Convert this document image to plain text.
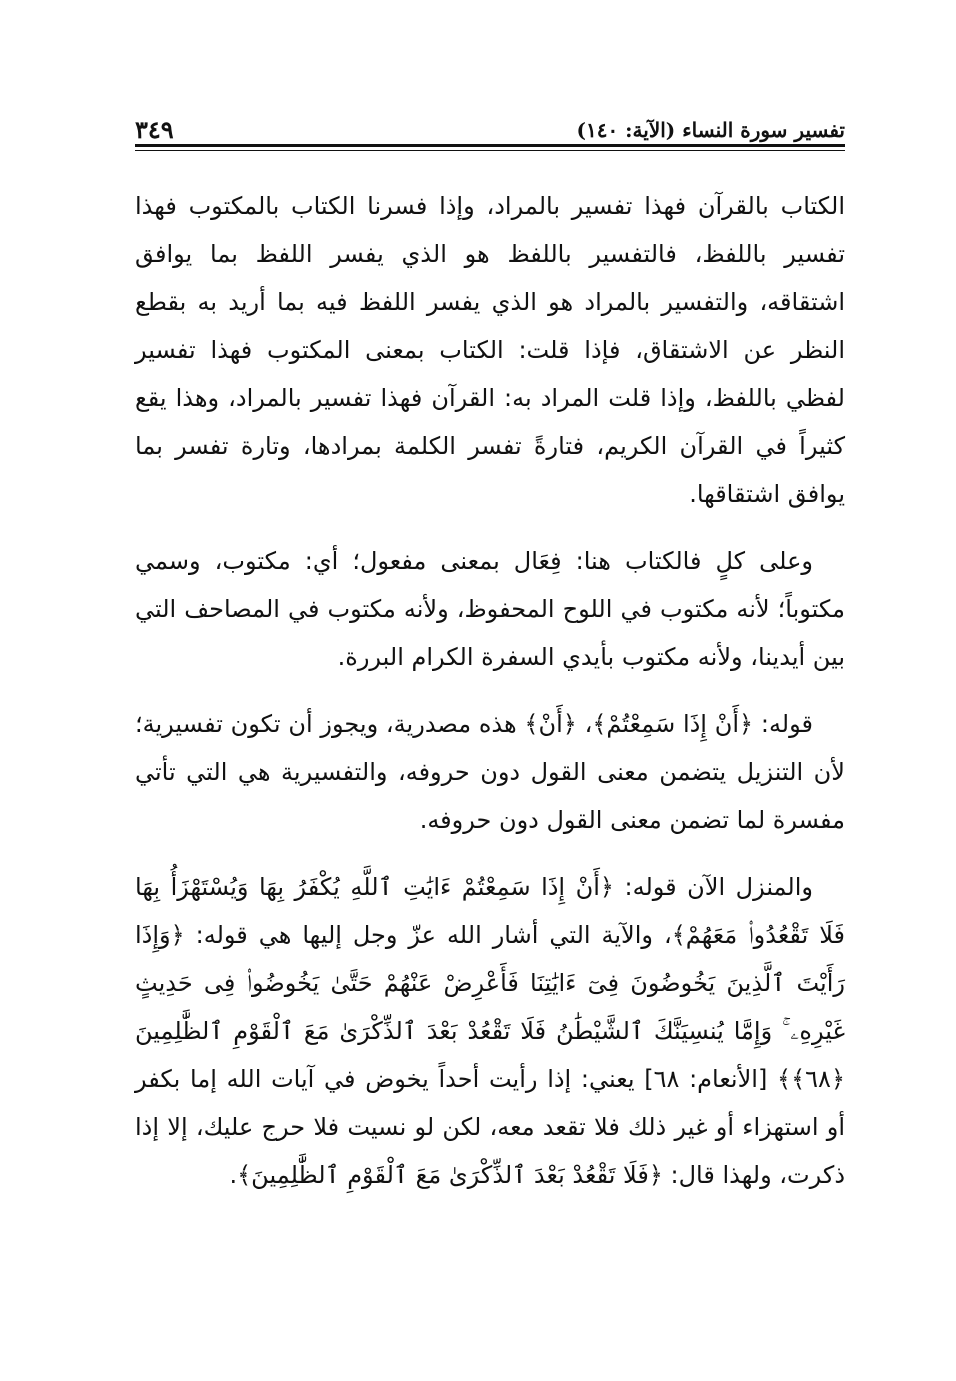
تفسير سورة النساء (الآية: ١٤٠)
٣٤٩

الكتاب بالقرآن فهذا تفسير بالمراد، وإذا فسرنا الكتاب بالمكتوب فهذا تفسير باللفظ، فالتفسير باللفظ هو الذي يفسر اللفظ بما يوافق اشتقاقه، والتفسير بالمراد هو الذي يفسر اللفظ فيه بما أريد به بقطع النظر عن الاشتقاق، فإذا قلت: الكتاب بمعنى المكتوب فهذا تفسير لفظي باللفظ، وإذا قلت المراد به: القرآن فهذا تفسير بالمراد، وهذا يقع كثيراً في القرآن الكريم، فتارةً تفسر الكلمة بمرادها، وتارة تفسر بما يوافق اشتقاقها.

وعلى كلٍ فالكتاب هنا: فِعَال بمعنى مفعول؛ أي: مكتوب، وسمي مكتوباً؛ لأنه مكتوب في اللوح المحفوظ، ولأنه مكتوب في المصاحف التي بين أيدينا، ولأنه مكتوب بأيدي السفرة الكرام البررة.

قوله: ﴿أَنْ إِذَا سَمِعْتُمْ﴾، ﴿أَنْ﴾ هذه مصدرية، ويجوز أن تكون تفسيرية؛ لأن التنزيل يتضمن معنى القول دون حروفه، والتفسيرية هي التي تأتي مفسرة لما تضمن معنى القول دون حروفه.

والمنزل الآن قوله: ﴿أَنْ إِذَا سَمِعْتُمْ ءَايَٰتِ ٱللَّهِ يُكْفَرُ بِهَا وَيُسْتَهْزَأُ بِهَا فَلَا تَقْعُدُوا۟ مَعَهُمْ﴾، والآية التي أشار الله عزّ وجل إليها هي قوله: ﴿وَإِذَا رَأَيْتَ ٱلَّذِينَ يَخُوضُونَ فِىٓ ءَايَٰتِنَا فَأَعْرِضْ عَنْهُمْ حَتَّىٰ يَخُوضُوا۟ فِى حَدِيثٍ غَيْرِهِۦ ۚ وَإِمَّا يُنسِيَنَّكَ ٱلشَّيْطَٰنُ فَلَا تَقْعُدْ بَعْدَ ٱلذِّكْرَىٰ مَعَ ٱلْقَوْمِ ٱلظَّٰلِمِينَ ﴿٦٨﴾﴾ [الأنعام: ٦٨] يعني: إذا رأيت أحداً يخوض في آيات الله إما بكفر أو استهزاء أو غير ذلك فلا تقعد معه، لكن لو نسيت فلا حرج عليك، إلا إذا ذكرت، ولهذا قال: ﴿فَلَا تَقْعُدْ بَعْدَ ٱلذِّكْرَىٰ مَعَ ٱلْقَوْمِ ٱلظَّٰلِمِينَ﴾.
